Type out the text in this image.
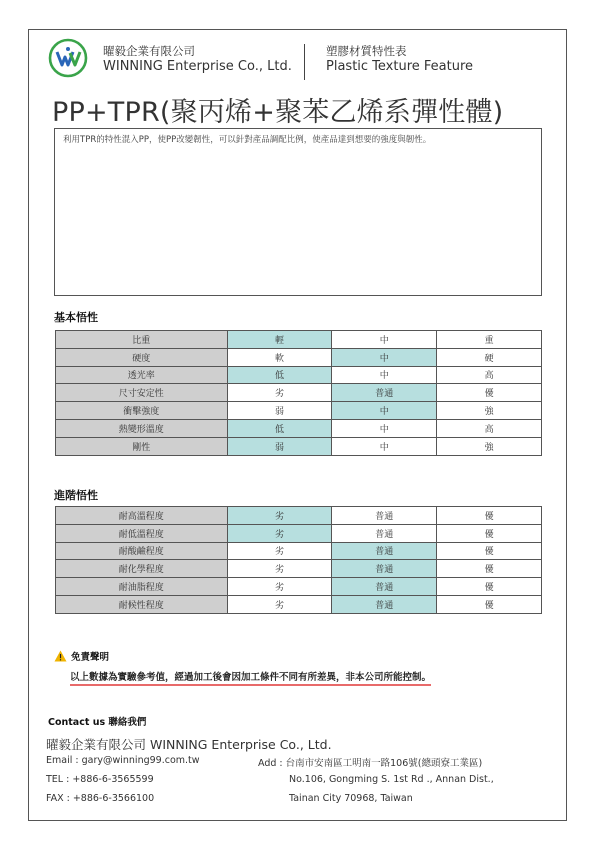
曜毅企業有限公司
WINNING Enterprise Co., Ltd.
塑膠材質特性表
Plastic Texture Feature
PP+TPR(聚丙烯+聚苯乙烯系彈性體)
利用TPR的特性混入PP，使PP改變韌性，可以針對產品調配比例，使產品達到想要的強度與韌性。
基本悟性
比重	輕	中	重
硬度	軟	中	硬
透光率	低	中	高
尺寸安定性	劣	普通	優
衝擊強度	弱	中	強
熱變形溫度	低	中	高
剛性	弱	中	強
進階悟性
耐高溫程度	劣	普通	優
耐低溫程度	劣	普通	優
耐酸鹼程度	劣	普通	優
耐化學程度	劣	普通	優
耐油脂程度	劣	普通	優
耐候性程度	劣	普通	優
免責聲明
以上數據為實驗參考值，經過加工後會因加工條件不同有所差異，非本公司所能控制。
Contact us 聯絡我們
曜毅企業有限公司 WINNING Enterprise Co., Ltd.
Email : gary@winning99.com.tw
TEL : +886-6-3565599
FAX : +886-6-3566100
Add : 台南市安南區工明南一路106號(總頭寮工業區)
No.106, Gongming S. 1st Rd ., Annan Dist.,
Tainan City 70968, Taiwan
